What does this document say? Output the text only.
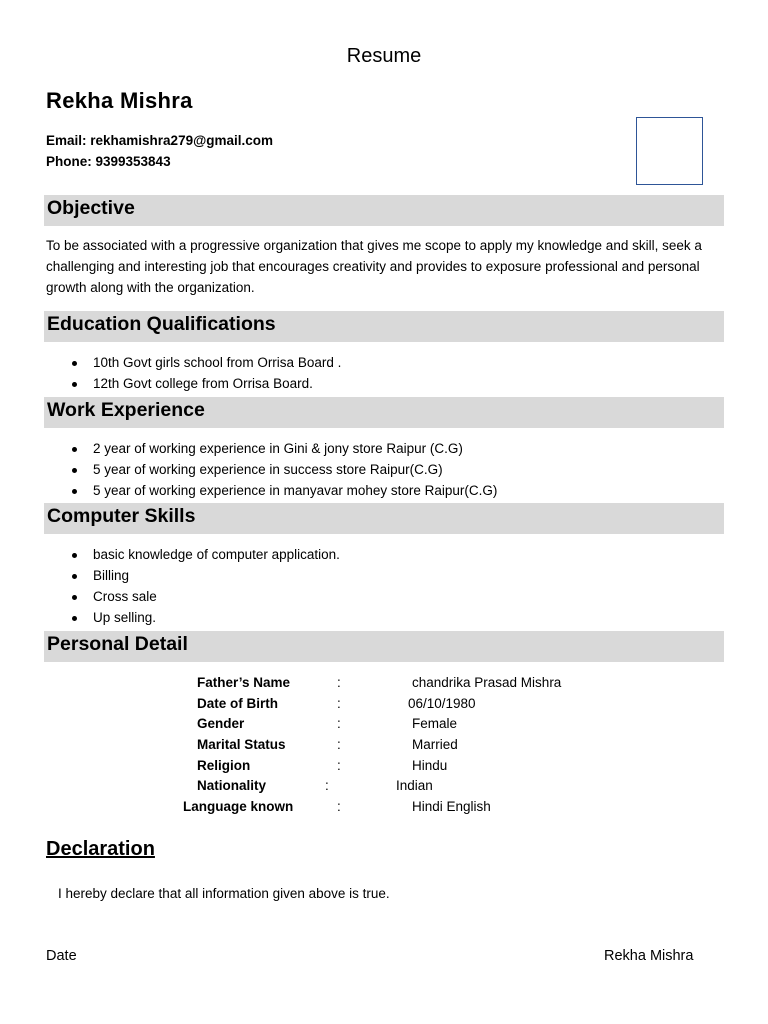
Resume
Rekha Mishra
Email: rekhamishra279@gmail.com
Phone: 9399353843
Objective
To be associated with a progressive organization that gives me scope to apply my knowledge and skill, seek a challenging and interesting job that encourages creativity and provides to exposure professional and personal growth along with the organization.
Education Qualifications
10th Govt girls school from Orrisa Board .
12th Govt college from Orrisa Board.
Work Experience
2 year of working experience in Gini & jony store Raipur (C.G)
5 year of working experience in success store Raipur(C.G)
5 year of working experience in manyavar mohey store Raipur(C.G)
Computer Skills
basic knowledge of computer application.
Billing
Cross sale
Up selling.
Personal Detail
Father’s Name	:	chandrika Prasad Mishra
Date of Birth	:	06/10/1980
Gender	:	Female
Marital Status	:	Married
Religion	:	Hindu
Nationality	:	Indian
Language known	:	Hindi English
Declaration
I hereby declare that all information given above is true.
Date	Rekha Mishra
